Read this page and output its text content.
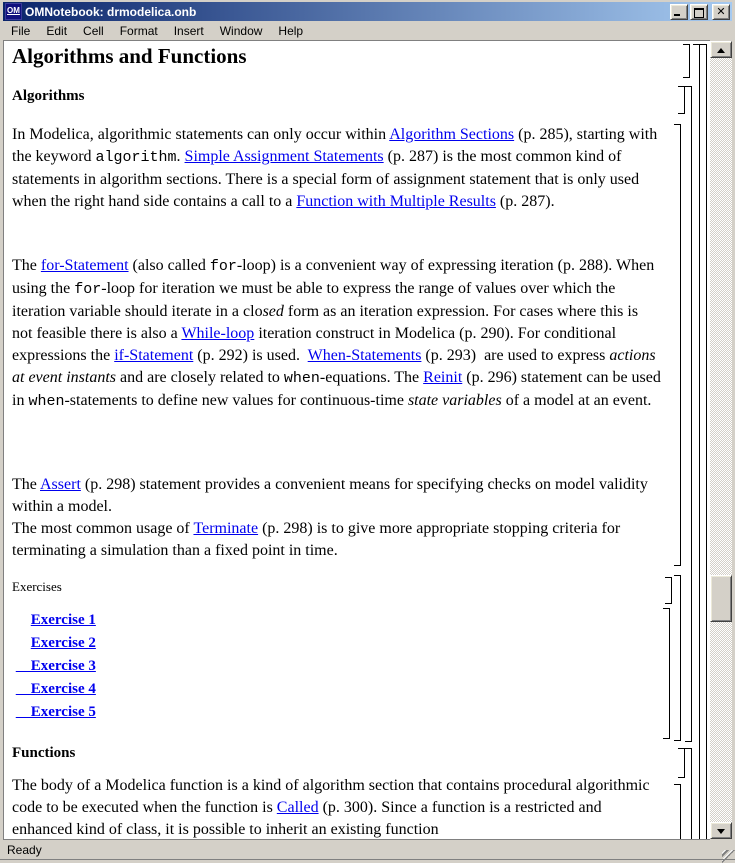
OM OMNotebook: drmodelica.onb	✕
File	Edit	Cell	Format	Insert	Window	Help
Algorithms and Functions
Algorithms

In Modelica, algorithmic statements can only occur within Algorithm Sections (p. 285), starting with the keyword algorithm. Simple Assignment Statements (p. 287) is the most common kind of statements in algorithm sections. There is a special form of assignment statement that is only used when the right hand side contains a call to a Function with Multiple Results (p. 287).

The for-Statement (also called for-loop) is a convenient way of expressing iteration (p. 288). When using the for-loop for iteration we must be able to express the range of values over which the iteration variable should iterate in a closed form as an iteration expression. For cases where this is not feasible there is also a While-loop iteration construct in Modelica (p. 290). For conditional expressions the if-Statement (p. 292) is used.  When-Statements (p. 293)  are used to express actions at event instants and are closely related to when-equations. The Reinit (p. 296) statement can be used in when-statements to define new values for continuous-time state variables of a model at an event.

The Assert (p. 298) statement provides a convenient means for specifying checks on model validity within a model.
The most common usage of Terminate (p. 298) is to give more appropriate stopping criteria for terminating a simulation than a fixed point in time.

Exercises

Exercise 1
Exercise 2
Exercise 3
Exercise 4
Exercise 5
Functions

The body of a Modelica function is a kind of algorithm section that contains procedural algorithmic code to be executed when the function is Called (p. 300). Since a function is a restricted and enhanced kind of class, it is possible to inherit an existing function

Ready
